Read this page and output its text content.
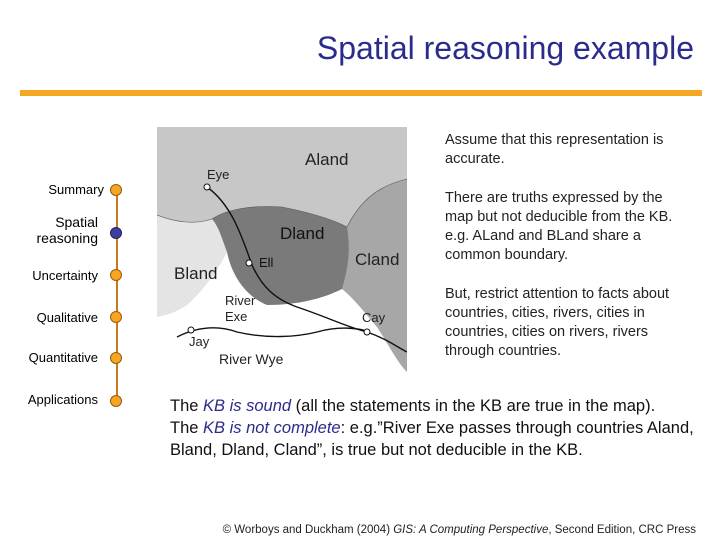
Spatial reasoning example
Summary
Spatial reasoning
Uncertainty
Qualitative
Quantitative
Applications
Aland
Eye
Dland
Ell	Cland
Bland
River
Exe	Cay
Jay
River Wye
Assume that this representation is accurate.
There are truths expressed by the map but not deducible from the KB. e.g. ALand and BLand share a common boundary.
But, restrict attention to facts about countries, cities, rivers, cities in countries, cities on rivers, rivers through countries.
The KB is sound (all the statements in the KB are true in the map).
The KB is not complete: e.g.”River Exe passes through countries Aland, Bland, Dland, Cland”, is true but not deducible in the KB.
© Worboys and Duckham (2004) GIS: A Computing Perspective, Second Edition, CRC Press
